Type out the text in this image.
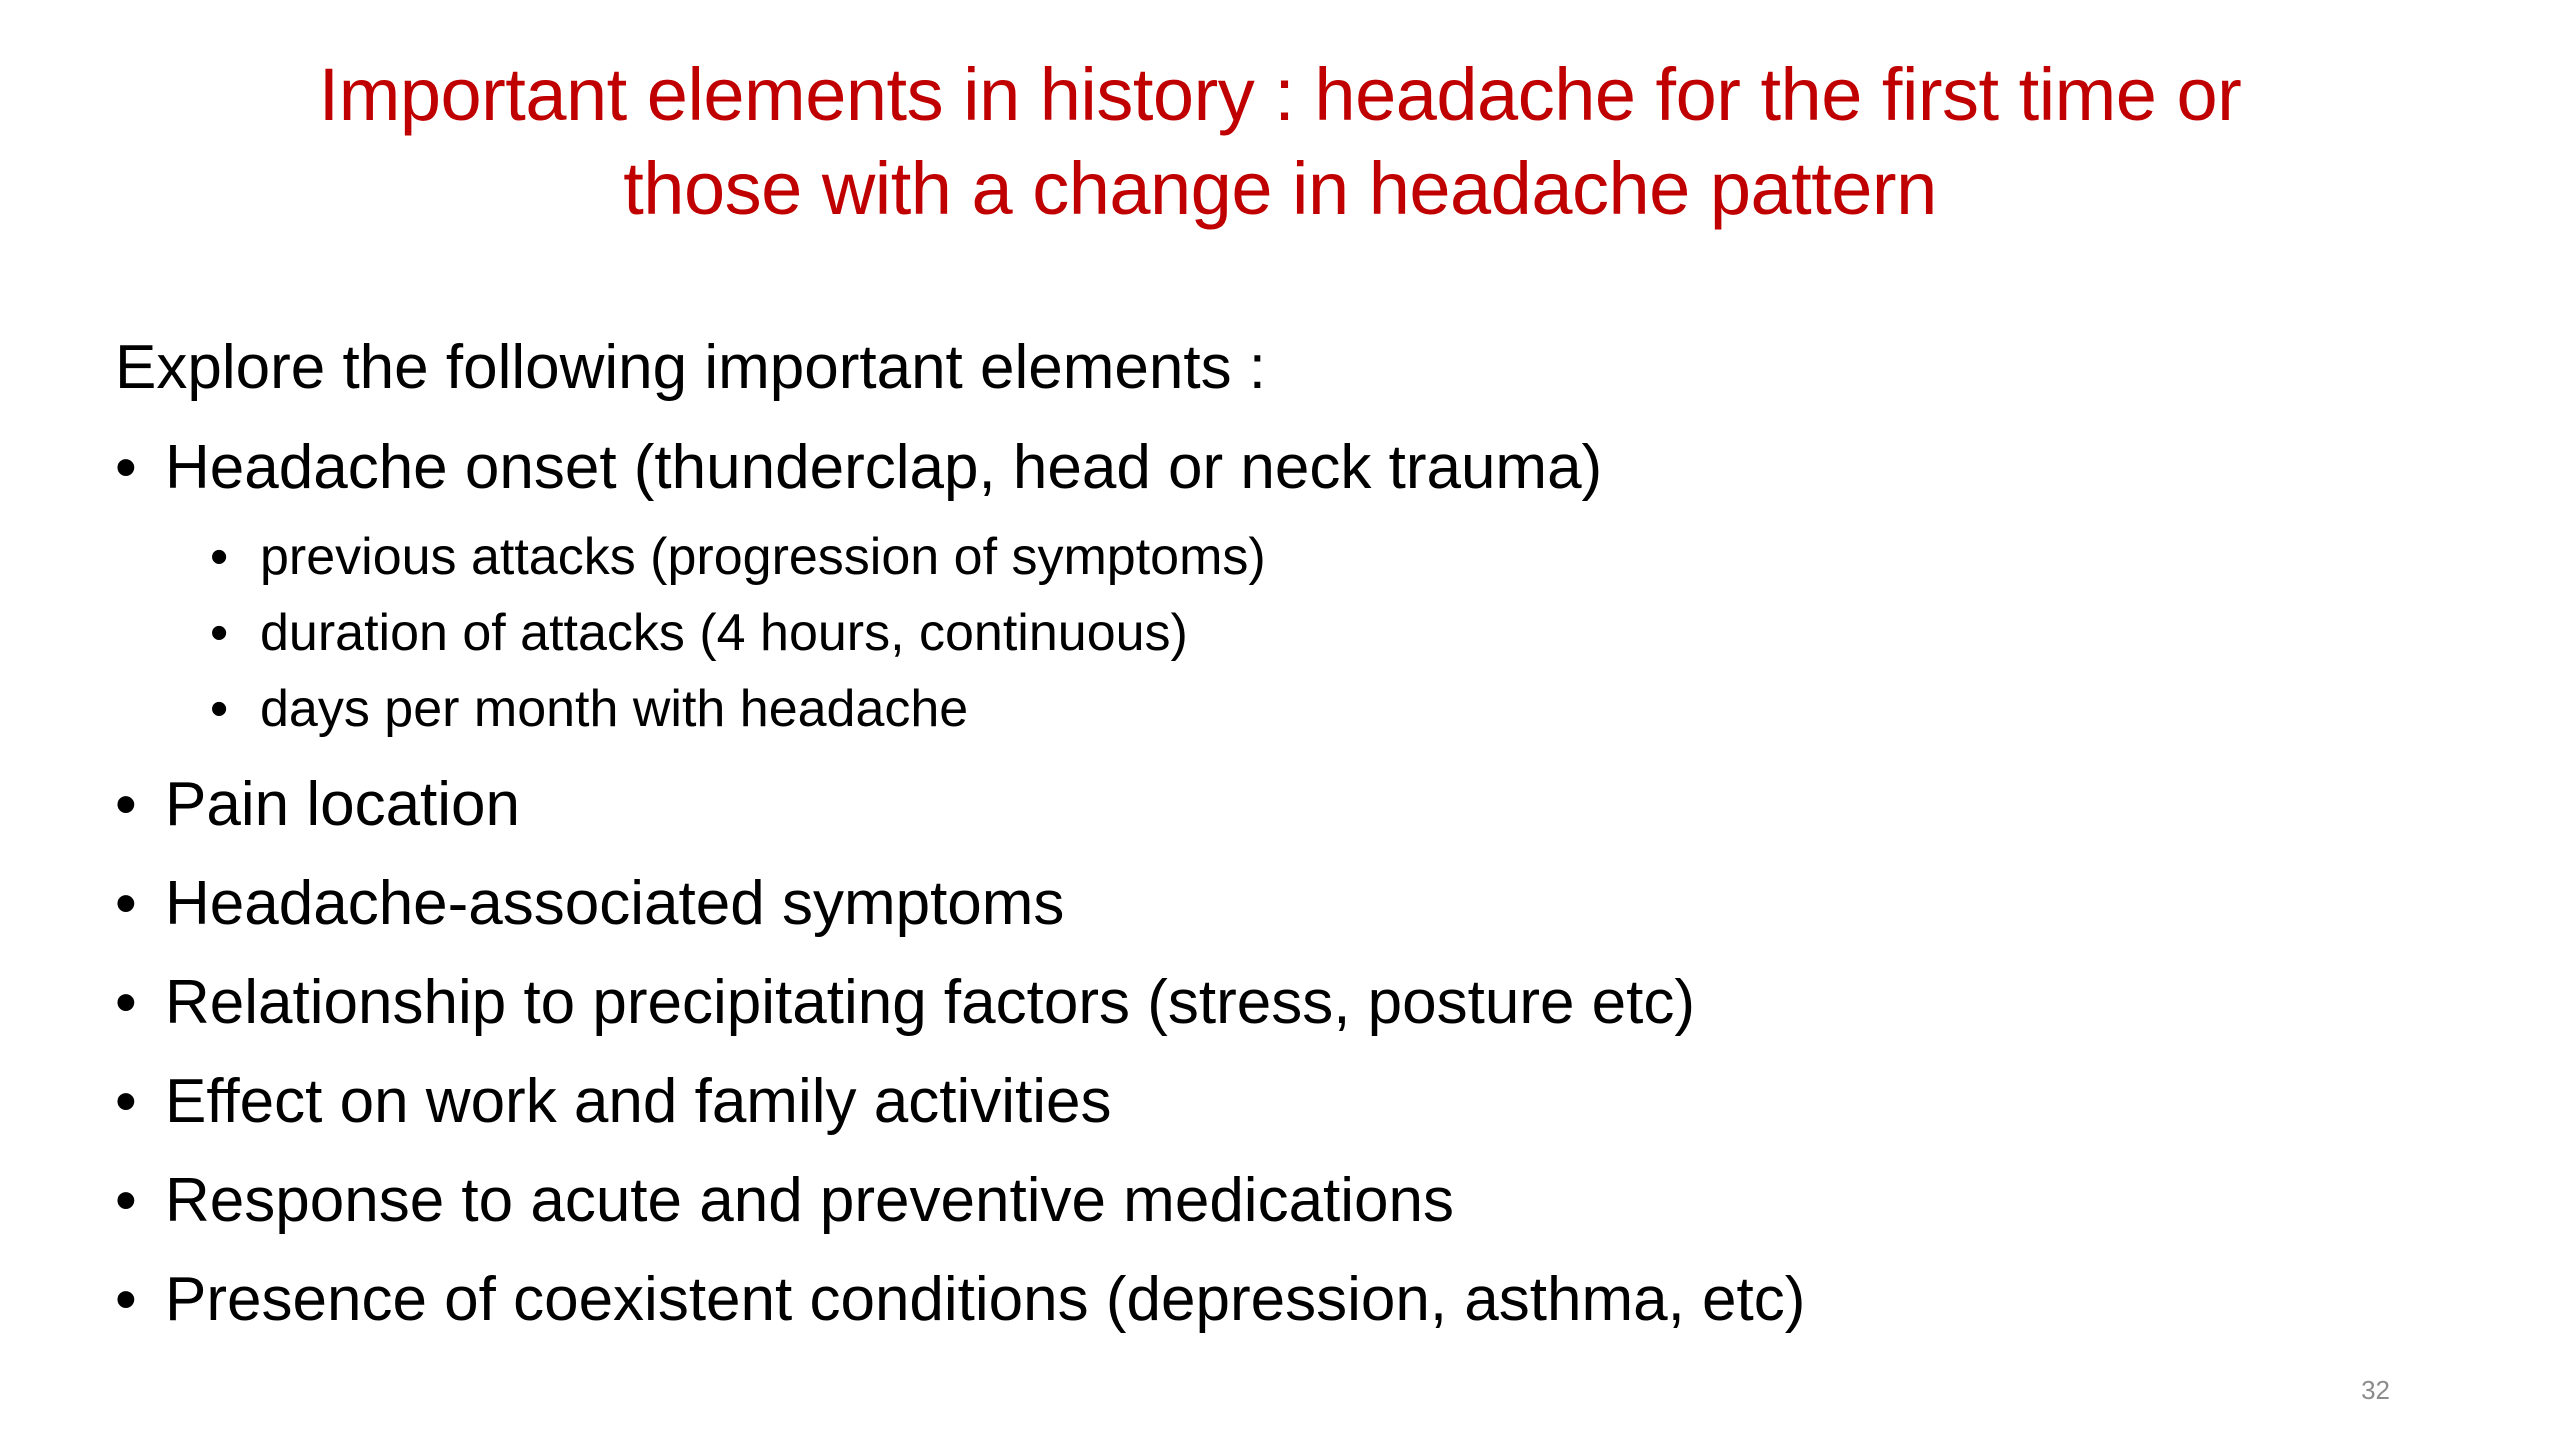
Important elements in history : headache for the first time or
those with a change in headache pattern
Explore the following important elements :
• Headache onset (thunderclap, head or neck trauma)
• previous attacks (progression of symptoms)
• duration of attacks (4 hours, continuous)
• days per month with headache
• Pain location
• Headache-associated symptoms
• Relationship to precipitating factors (stress, posture etc)
• Effect on work and family activities
• Response to acute and preventive medications
• Presence of coexistent conditions (depression, asthma, etc)
32
